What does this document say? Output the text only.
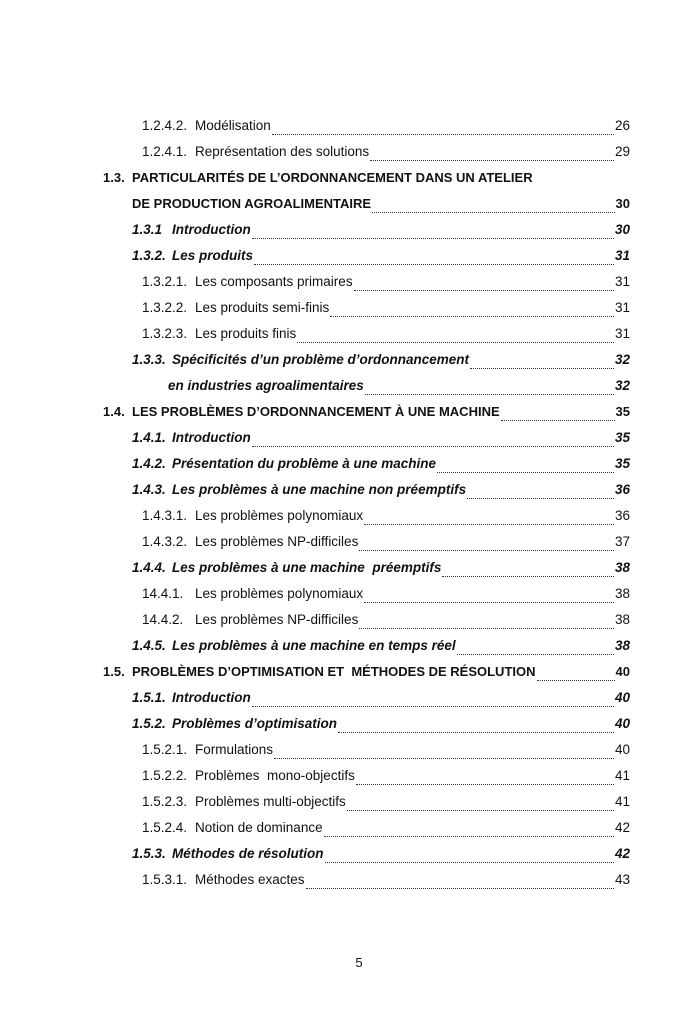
1.2.4.2. Modélisation	26
1.2.4.1. Représentation des solutions	29
1.3. PARTICULARITÉS DE L’ORDONNANCEMENT DANS UN ATELIER
DE PRODUCTION AGROALIMENTAIRE	30
1.3.1 Introduction	30
1.3.2. Les produits	31
1.3.2.1. Les composants primaires	31
1.3.2.2. Les produits semi-finis	31
1.3.2.3. Les produits finis	31
1.3.3. Spécificités d’un problème d’ordonnancement	32
en industries agroalimentaires	32
1.4. LES PROBLÈMES D’ORDONNANCEMENT À UNE MACHINE	35
1.4.1. Introduction	35
1.4.2. Présentation du problème à une machine	35
1.4.3. Les problèmes à une machine non préemptifs	36
1.4.3.1. Les problèmes polynomiaux	36
1.4.3.2. Les problèmes NP-difficiles	37
1.4.4. Les problèmes à une machine  préemptifs	38
14.4.1. Les problèmes polynomiaux	38
14.4.2. Les problèmes NP-difficiles	38
1.4.5. Les problèmes à une machine en temps réel	38
1.5. PROBLÈMES D’OPTIMISATION ET  MÉTHODES DE RÉSOLUTION	40
1.5.1. Introduction	40
1.5.2. Problèmes d’optimisation	40
1.5.2.1. Formulations	40
1.5.2.2. Problèmes  mono-objectifs	41
1.5.2.3. Problèmes multi-objectifs	41
1.5.2.4. Notion de dominance	42
1.5.3. Méthodes de résolution	42
1.5.3.1. Méthodes exactes	43
5
